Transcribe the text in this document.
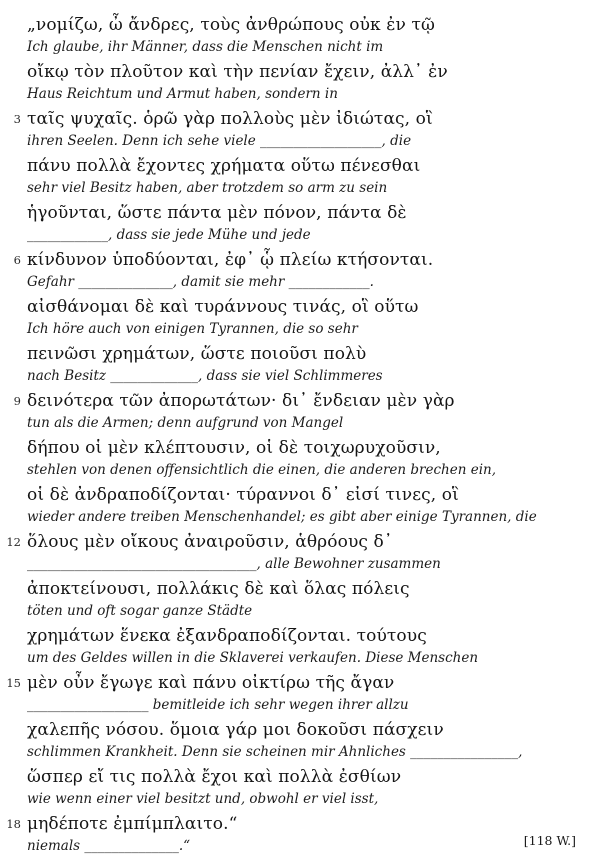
„νομίζω, ὦ ἄνδρες, τοὺς ἀνθρώπους οὐκ ἐν τῷ
Ich glaube, ihr Männer, dass die Menschen nicht im
οἴκῳ τὸν πλοῦτον καὶ τὴν πενίαν ἔχειν, ἀλλ᾽ ἐν
Haus Reichtum und Armut haben, sondern in
3 ταῖς ψυχαῖς. ὁρῶ γὰρ πολλοὺς μὲν ἰδιώτας, οἳ
ihren Seelen. Denn ich sehe viele __________________, die
πάνυ πολλὰ ἔχοντες χρήματα οὕτω πένεσθαι
sehr viel Besitz haben, aber trotzdem so arm zu sein
ἡγοῦνται, ὥστε πάντα μὲν πόνον, πάντα δὲ
____________, dass sie jede Mühe und jede
6 κίνδυνον ὑποδύονται, ἐφ᾽ ᾧ πλείω κτήσονται.
Gefahr ______________, damit sie mehr ____________.
αἰσθάνομαι δὲ καὶ τυράννους τινάς, οἳ οὕτω
Ich höre auch von einigen Tyrannen, die so sehr
πεινῶσι χρημάτων, ὥστε ποιοῦσι πολὺ
nach Besitz _____________, dass sie viel Schlimmeres
9 δεινότερα τῶν ἀπορωτάτων· δι᾽ ἔνδειαν μὲν γὰρ
tun als die Armen; denn aufgrund von Mangel
δήπου οἱ μὲν κλέπτουσιν, οἱ δὲ τοιχωρυχοῦσιν,
stehlen von denen offensichtlich die einen, die anderen brechen ein,
οἱ δὲ ἀνδραποδίζονται· τύραννοι δ᾽ εἰσί τινες, οἳ
wieder andere treiben Menschenhandel; es gibt aber einige Tyrannen, die
12 ὅλους μὲν οἴκους ἀναιροῦσιν, ἁθρόους δ᾽
__________________________________, alle Bewohner zusammen
ἀποκτείνουσι, πολλάκις δὲ καὶ ὅλας πόλεις
töten und oft sogar ganze Städte
χρημάτων ἕνεκα ἐξανδραποδίζονται. τούτους
um des Geldes willen in die Sklaverei verkaufen. Diese Menschen
15 μὲν οὖν ἔγωγε καὶ πάνυ οἰκτίρω τῆς ἄγαν
__________________ bemitleide ich sehr wegen ihrer allzu
χαλεπῆς νόσου. ὅμοια γάρ μοι δοκοῦσι πάσχειν
schlimmen Krankheit. Denn sie scheinen mir Ahnliches ________________,
ὥσπερ εἴ τις πολλὰ ἔχοι καὶ πολλὰ ἐσθίων
wie wenn einer viel besitzt und, obwohl er viel isst,
18 μηδέποτε ἐμπίμπλαιτο.“
niemals ______________.“	[118 W.]
